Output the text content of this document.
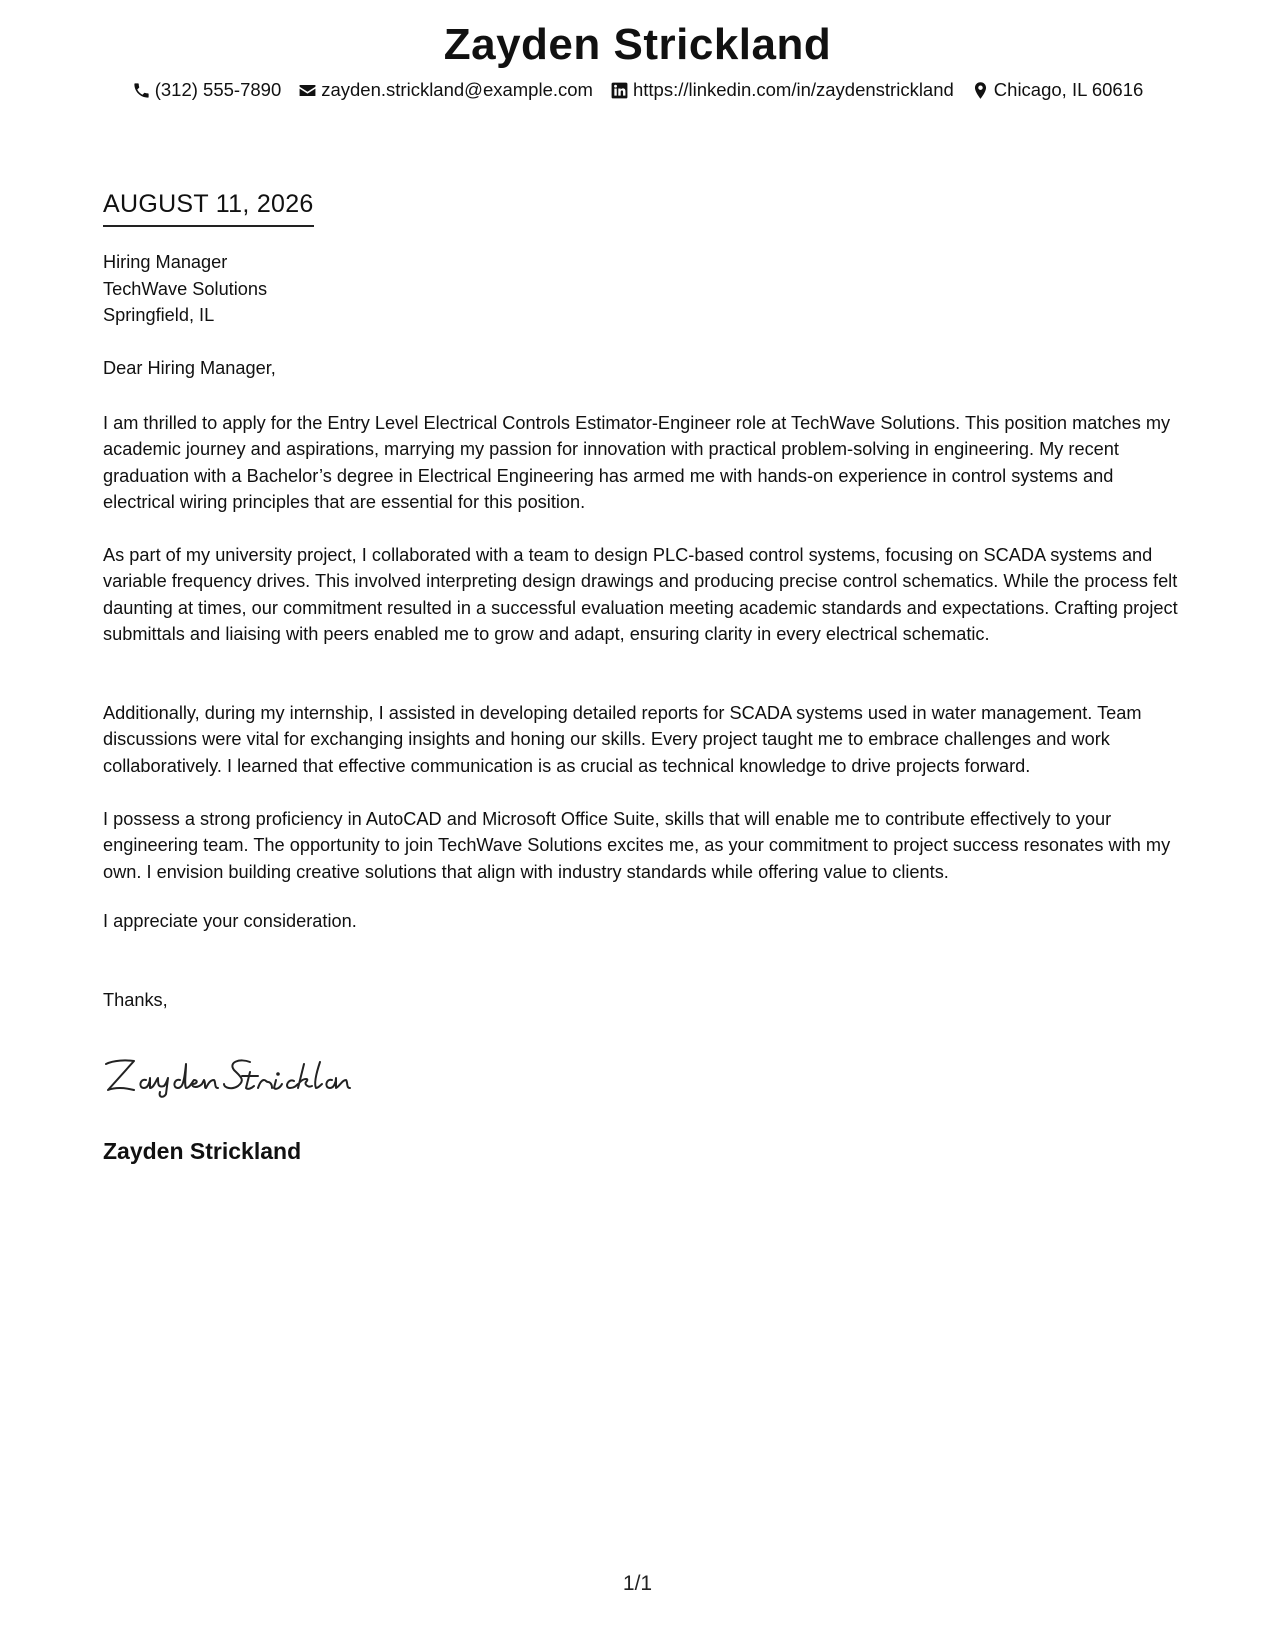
Zayden Strickland
(312) 555-7890 zayden.strickland@example.com https://linkedin.com/in/zaydenstrickland Chicago, IL 60616
AUGUST 11, 2026
Hiring Manager
TechWave Solutions
Springfield, IL
Dear Hiring Manager,

I am thrilled to apply for the Entry Level Electrical Controls Estimator-Engineer role at TechWave Solutions. This position matches my academic journey and aspirations, marrying my passion for innovation with practical problem-solving in engineering. My recent graduation with a Bachelor’s degree in Electrical Engineering has armed me with hands-on experience in control systems and electrical wiring principles that are essential for this position.

As part of my university project, I collaborated with a team to design PLC-based control systems, focusing on SCADA systems and variable frequency drives. This involved interpreting design drawings and producing precise control schematics. While the process felt daunting at times, our commitment resulted in a successful evaluation meeting academic standards and expectations. Crafting project submittals and liaising with peers enabled me to grow and adapt, ensuring clarity in every electrical schematic.

Additionally, during my internship, I assisted in developing detailed reports for SCADA systems used in water management. Team discussions were vital for exchanging insights and honing our skills. Every project taught me to embrace challenges and work collaboratively. I learned that effective communication is as crucial as technical knowledge to drive projects forward.

I possess a strong proficiency in AutoCAD and Microsoft Office Suite, skills that will enable me to contribute effectively to your engineering team. The opportunity to join TechWave Solutions excites me, as your commitment to project success resonates with my own. I envision building creative solutions that align with industry standards while offering value to clients.

I appreciate your consideration.
Thanks,
Zayden Strickland
1/1
